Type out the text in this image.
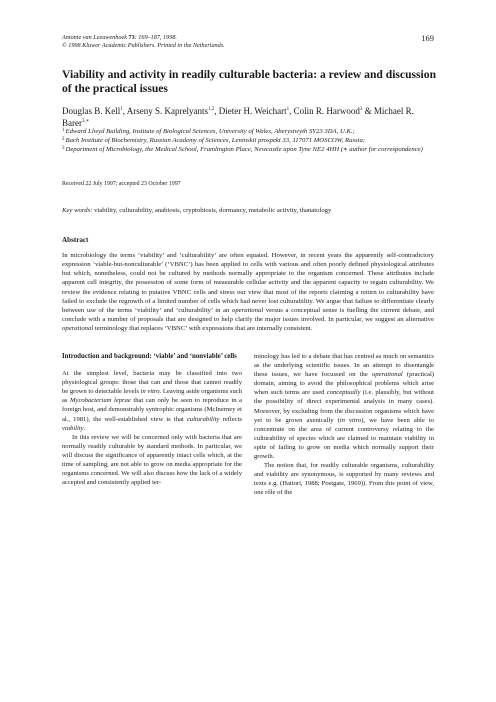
Antonie van Leeuwenhoek 73: 169–187, 1998.
© 1998 Kluwer Academic Publishers. Printed in the Netherlands.
169
Viability and activity in readily culturable bacteria: a review and discussion of the practical issues
Douglas B. Kell$^1$, Arseny S. Kaprelyants$^{1,2}$, Dieter H. Weichart$^1$, Colin R. Harwood$^3$ & Michael R. Barer$^{3,∗}$
$^1$Edward Llwyd Building, Institute of Biological Sciences, University of Wales, Aberystwyth SY23 3DA, U.K.;
$^2$Bach Institute of Biochemistry, Russian Academy of Sciences, Leninskii prospekt 33, 117071 MOSCOW, Russia;
$^3$Department of Microbiology, the Medical School, Framlington Place, Newcastle upon Tyne NE2 4HH (∗ author for correspondence)
Received 22 July 1997; accepted 23 October 1997
Key words: viability, culturability, anabiosis, cryptobiosis, dormancy, metabolic activity, thanatology
Abstract
In microbiology the terms ‘viability’ and ‘culturability’ are often equated. However, in recent years the apparently self-contradictory expression ‘viable-but-nonculturable’ (‘VBNC’) has been applied to cells with various and often poorly defined physiological attributes but which, nonetheless, could not be cultured by methods normally appropriate to the organism concerned. These attributes include apparent cell integrity, the possession of some form of measurable cellular activity and the apparent capacity to regain culturability. We review the evidence relating to putative VBNC cells and stress our view that most of the reports claiming a return to culturability have failed to exclude the regrowth of a limited number of cells which had never lost culturability. We argue that failure to differentiate clearly between use of the terms ‘viability’ and ‘culturability’ in an operational versus a conceptual sense is fuelling the current debate, and conclude with a number of proposals that are designed to help clarify the major issues involved. In particular, we suggest an alternative operational terminology that replaces ‘VBNC’ with expressions that are internally consistent.
Introduction and background: ‘viable’ and ‘nonviable’ cells

At the simplest level, bacteria may be classified into two physiological groups: those that can and those that cannot readily be grown to detectable levels in vitro. Leaving aside organisms such as Mycobacterium leprae that can only be seen to reproduce in a foreign host, and demonstrably syntrophic organisms (McInerney et al., 1981), the well-established view is that culturability reflects viability.

In this review we will be concerned only with bacteria that are normally readily culturable by standard methods. In particular, we will discuss the significance of apparently intact cells which, at the time of sampling, are not able to grow on media appropriate for the organisms concerned. We will also discuss how the lack of a widely accepted and consistently applied ter-

minology has led to a debate that has centred as much on semantics as the underlying scientific issues. In an attempt to disentangle these issues, we have focussed on the operational (practical) domain, aiming to avoid the philosophical problems which arise when such terms are used conceptually (i.e. plausibly, but without the possibility of direct experimental analysis in many cases). Moreover, by excluding from the discussion organisms which have yet to be grown axenically (in vitro), we have been able to concentrate on the area of current controversy relating to the culturability of species which are claimed to maintain viability in spite of failing to grow on media which normally support their growth.

The notion that, for readily culturable organisms, culturability and viability are synonymous, is supported by many reviews and texts e.g. (Hattori, 1988; Postgate, 1969)). From this point of view, one rôle of the
